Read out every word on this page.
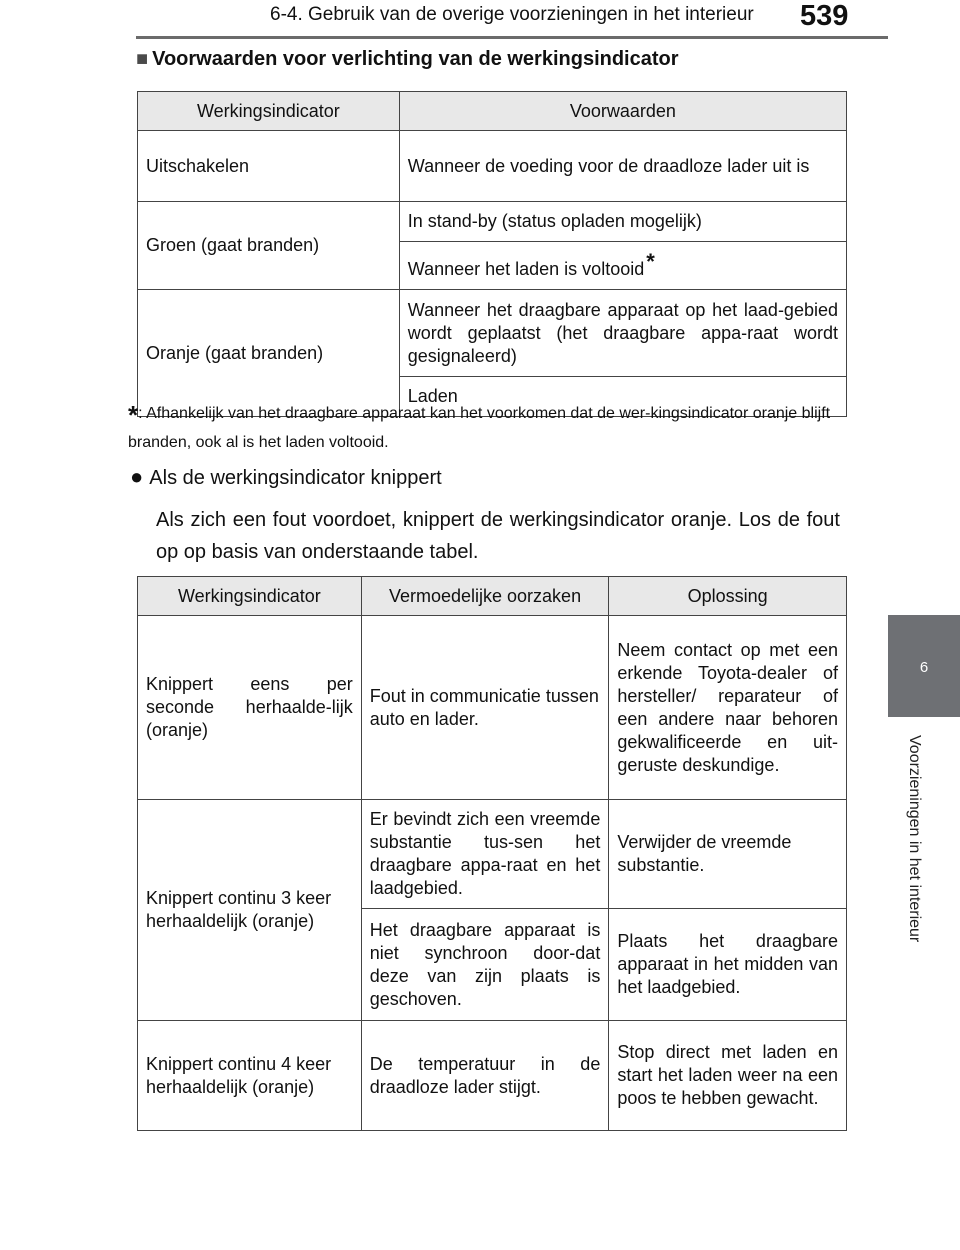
6-4. Gebruik van de overige voorzieningen in het interieur 539
6
Voorzieningen in het interieur
■ Voorwaarden voor verlichting van de werkingsindicator
Werkingsindicator	Voorwaarden
Uitschakelen	Wanneer de voeding voor de draadloze lader uit is
Groen (gaat branden)	In stand-by (status opladen mogelijk)
	Wanneer het laden is voltooid*
Oranje (gaat branden)	Wanneer het draagbare apparaat op het laad-gebied wordt geplaatst (het draagbare appa-raat wordt gesignaleerd)
	Laden
*: Afhankelijk van het draagbare apparaat kan het voorkomen dat de wer-kingsindicator oranje blijft branden, ook al is het laden voltooid.
● Als de werkingsindicator knippert
Als zich een fout voordoet, knippert de werkingsindicator oranje. Los de fout op op basis van onderstaande tabel.
Werkingsindicator	Vermoedelijke oorzaken	Oplossing
Knippert eens per seconde herhaalde-lijk (oranje)	Fout in communicatie tussen auto en lader.	Neem contact op met een erkende Toyota-dealer of hersteller/ reparateur of een andere naar behoren gekwalificeerde en uit-geruste deskundige.
Knippert continu 3 keer herhaaldelijk (oranje)	Er bevindt zich een vreemde substantie tus-sen het draagbare appa-raat en het laadgebied.	Verwijder de vreemde substantie.
	Het draagbare apparaat is niet synchroon door-dat deze van zijn plaats is geschoven.	Plaats het draagbare apparaat in het midden van het laadgebied.
Knippert continu 4 keer herhaaldelijk (oranje)	De temperatuur in de draadloze lader stijgt.	Stop direct met laden en start het laden weer na een poos te hebben gewacht.
